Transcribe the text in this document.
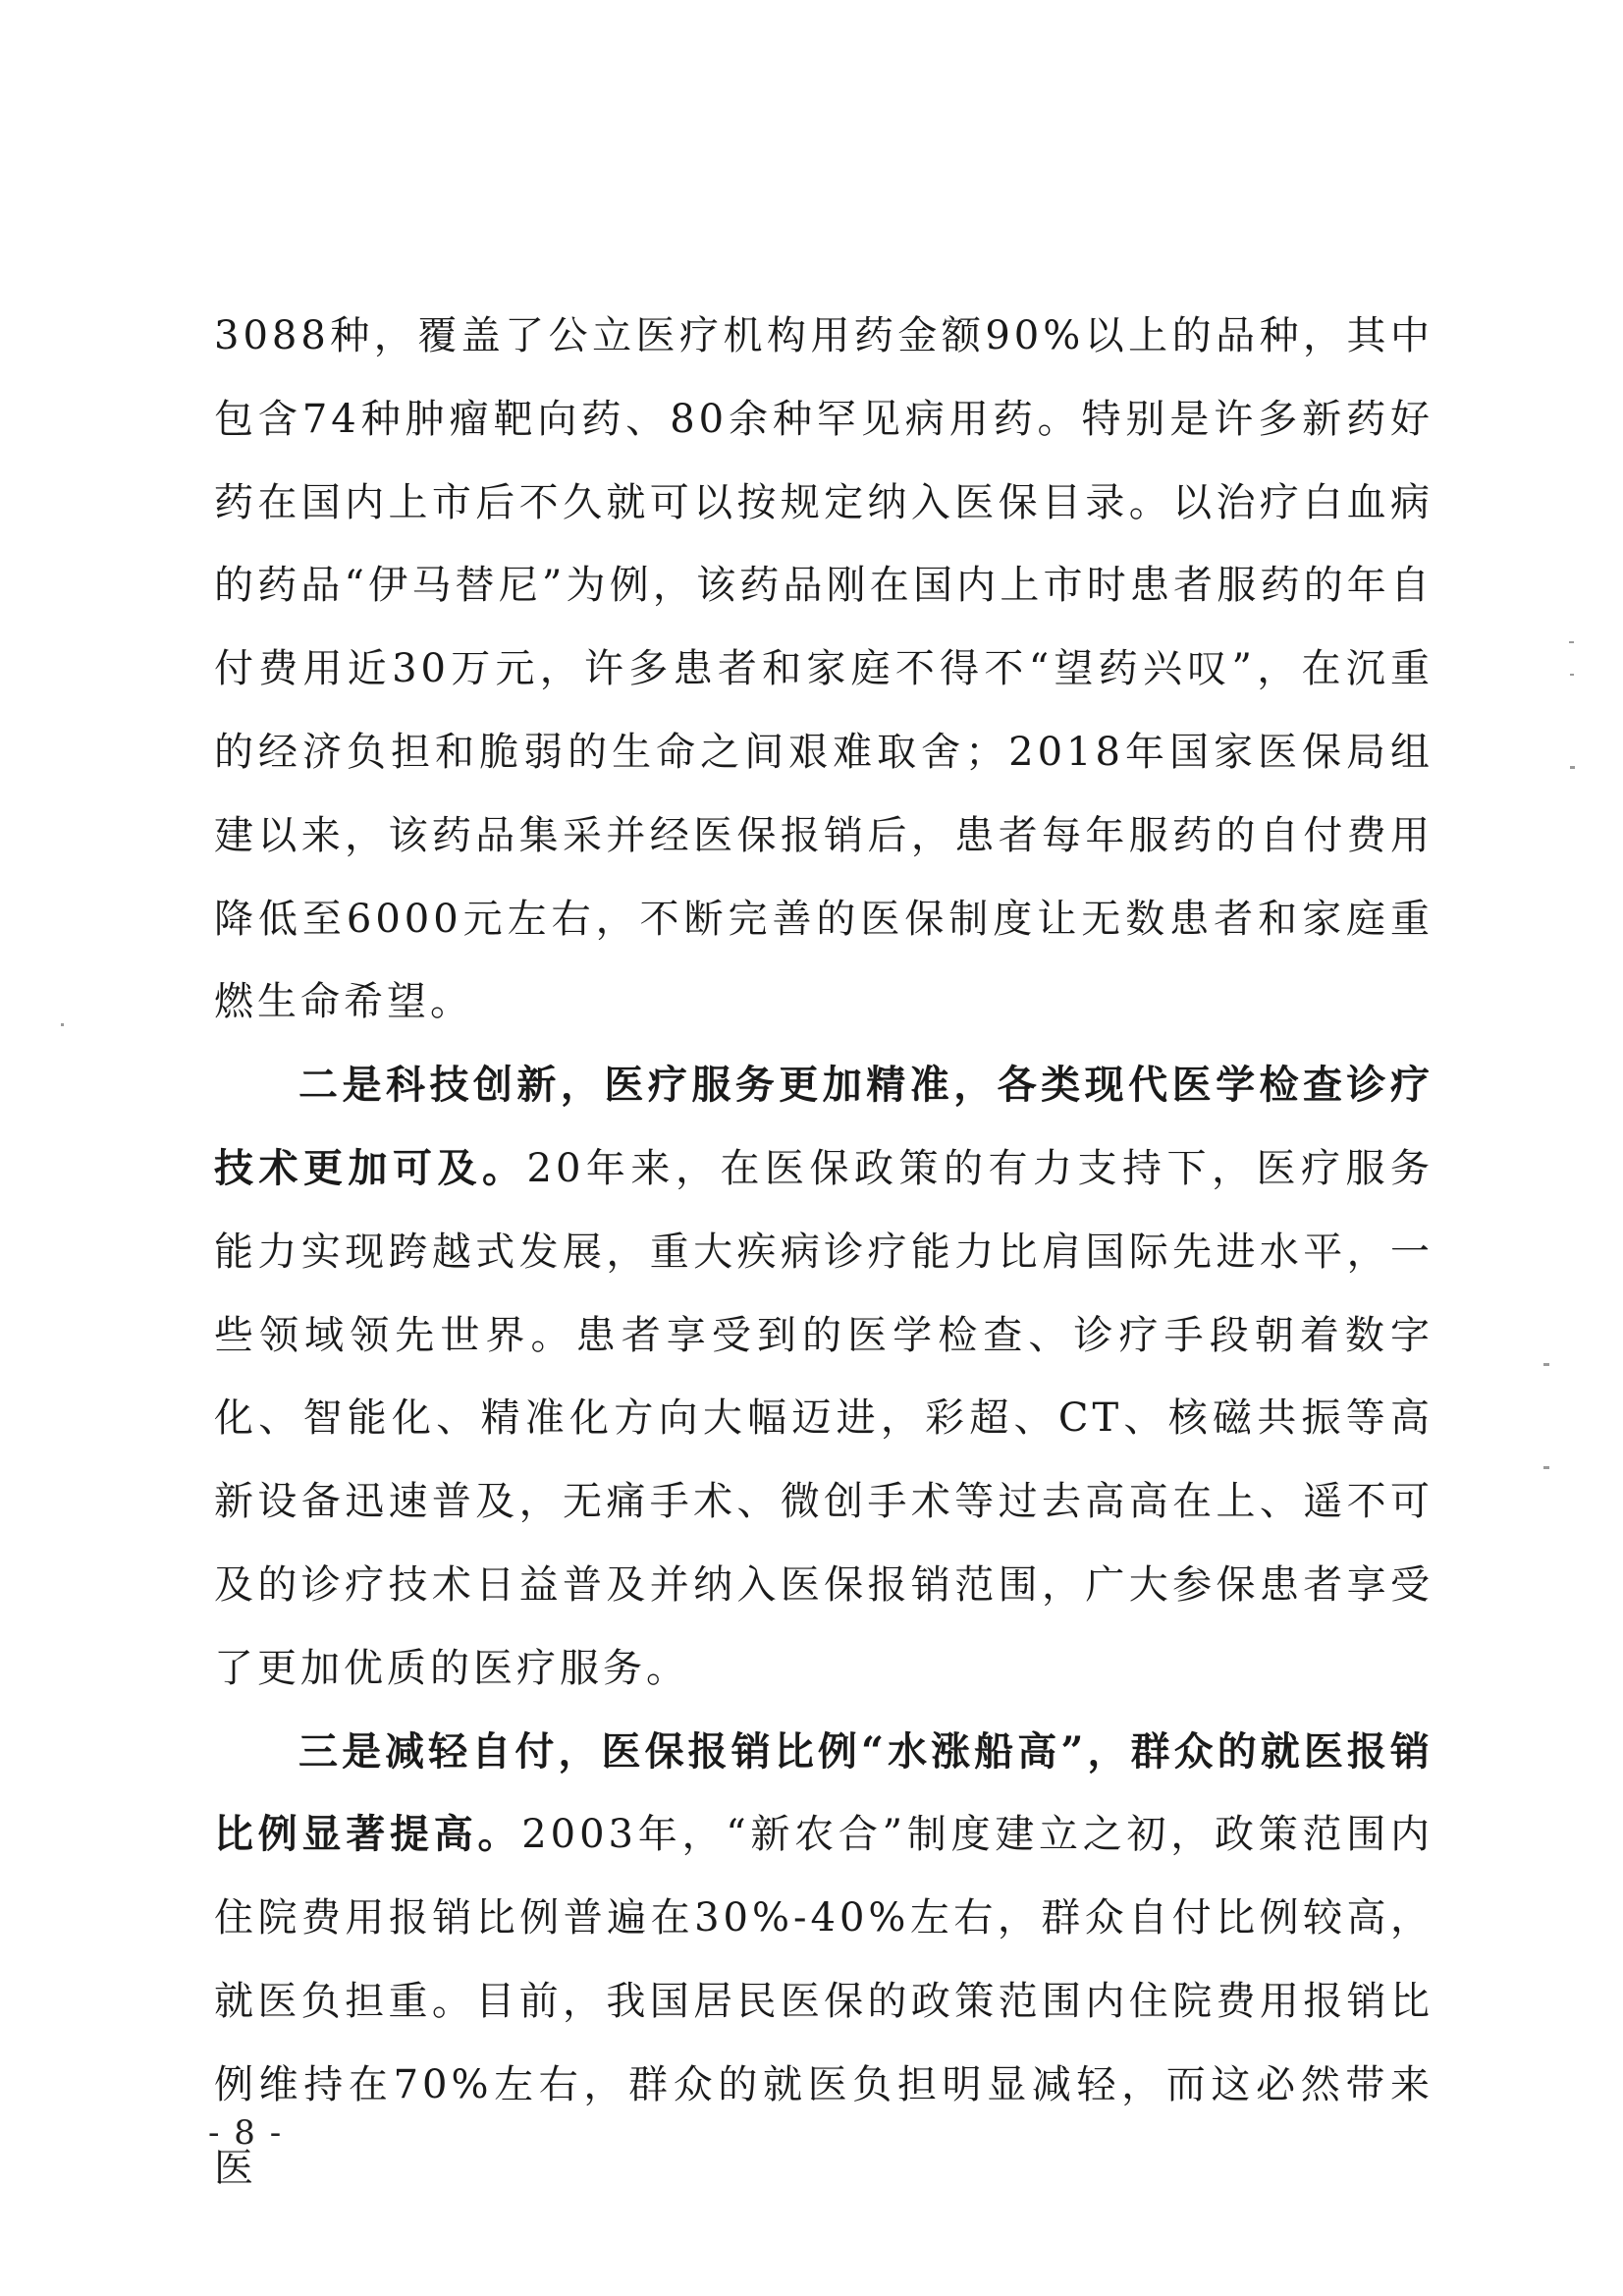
3088种，覆盖了公立医疗机构用药金额90%以上的品种，其中包含74种肿瘤靶向药、80余种罕见病用药。特别是许多新药好药在国内上市后不久就可以按规定纳入医保目录。以治疗白血病的药品“伊马替尼”为例，该药品刚在国内上市时患者服药的年自付费用近30万元，许多患者和家庭不得不“望药兴叹”，在沉重的经济负担和脆弱的生命之间艰难取舍；2018年国家医保局组建以来，该药品集采并经医保报销后，患者每年服药的自付费用降低至6000元左右，不断完善的医保制度让无数患者和家庭重燃生命希望。

二是科技创新，医疗服务更加精准，各类现代医学检查诊疗技术更加可及。20年来，在医保政策的有力支持下，医疗服务能力实现跨越式发展，重大疾病诊疗能力比肩国际先进水平，一些领域领先世界。患者享受到的医学检查、诊疗手段朝着数字化、智能化、精准化方向大幅迈进，彩超、CT、核磁共振等高新设备迅速普及，无痛手术、微创手术等过去高高在上、遥不可及的诊疗技术日益普及并纳入医保报销范围，广大参保患者享受了更加优质的医疗服务。

三是减轻自付，医保报销比例“水涨船高”，群众的就医报销比例显著提高。2003年，“新农合”制度建立之初，政策范围内住院费用报销比例普遍在30%-40%左右，群众自付比例较高，就医负担重。目前，我国居民医保的政策范围内住院费用报销比例维持在70%左右，群众的就医负担明显减轻，而这必然带来医

- 8 -
